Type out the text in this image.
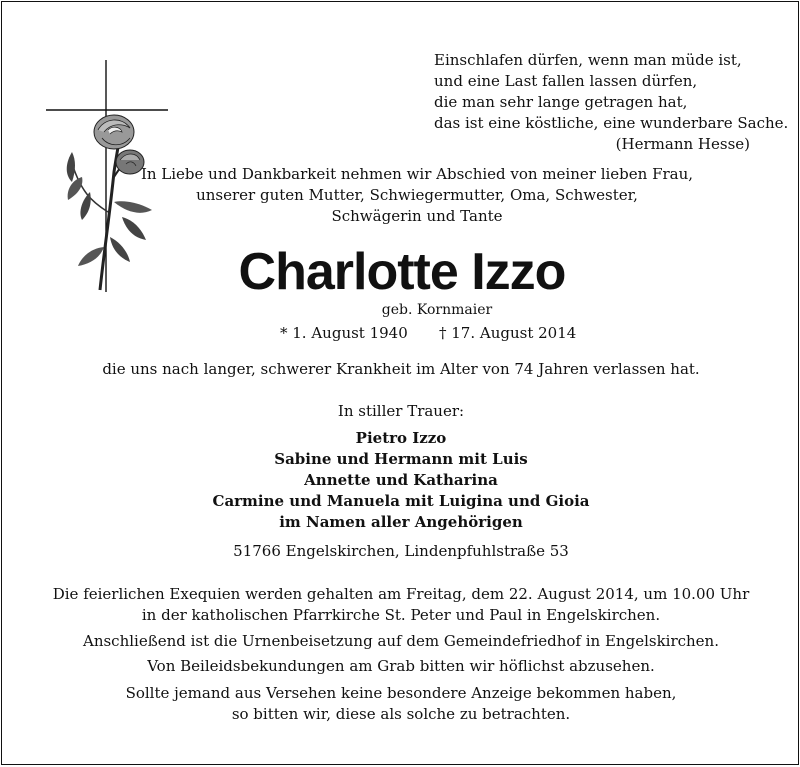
Einschlafen dürfen, wenn man müde ist,
und eine Last fallen lassen dürfen,
die man sehr lange getragen hat,
das ist eine köstliche, eine wunderbare Sache.
(Hermann Hesse)
In Liebe und Dankbarkeit nehmen wir Abschied von meiner lieben Frau,
unserer guten Mutter, Schwiegermutter, Oma, Schwester,
Schwägerin und Tante
Charlotte Izzo
geb. Kornmaier
* 1. August 1940 † 17. August 2014
die uns nach langer, schwerer Krankheit im Alter von 74 Jahren verlassen hat.
In stiller Trauer:
Pietro Izzo
Sabine und Hermann mit Luis
Annette und Katharina
Carmine und Manuela mit Luigina und Gioia
im Namen aller Angehörigen
51766 Engelskirchen, Lindenpfuhlstraße 53
Die feierlichen Exequien werden gehalten am Freitag, dem 22. August 2014, um 10.00 Uhr
in der katholischen Pfarrkirche St. Peter und Paul in Engelskirchen.
Anschließend ist die Urnenbeisetzung auf dem Gemeindefriedhof in Engelskirchen.
Von Beileidsbekundungen am Grab bitten wir höflichst abzusehen.
Sollte jemand aus Versehen keine besondere Anzeige bekommen haben,
so bitten wir, diese als solche zu betrachten.
